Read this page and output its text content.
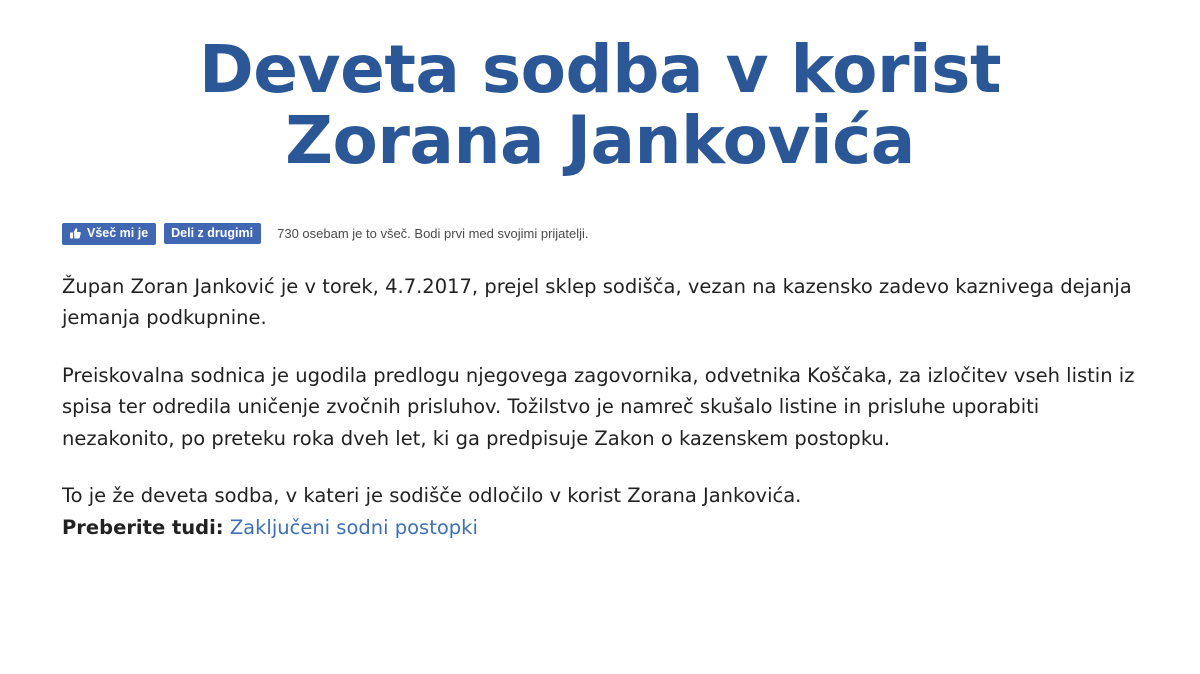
Deveta sodba v korist Zorana Jankovića
Všeč mi je Deli z drugimi 730 osebam je to všeč. Bodi prvi med svojimi prijatelji.

Župan Zoran Janković je v torek, 4.7.2017, prejel sklep sodišča, vezan na kazensko zadevo kaznivega dejanja jemanja podkupnine.

Preiskovalna sodnica je ugodila predlogu njegovega zagovornika, odvetnika Koščaka, za izločitev vseh listin iz spisa ter odredila uničenje zvočnih prisluhov. Tožilstvo je namreč skušalo listine in prisluhe uporabiti nezakonito, po preteku roka dveh let, ki ga predpisuje Zakon o kazenskem postopku.

To je že deveta sodba, v kateri je sodišče odločilo v korist Zorana Jankovića.

Preberite tudi: Zaključeni sodni postopki
